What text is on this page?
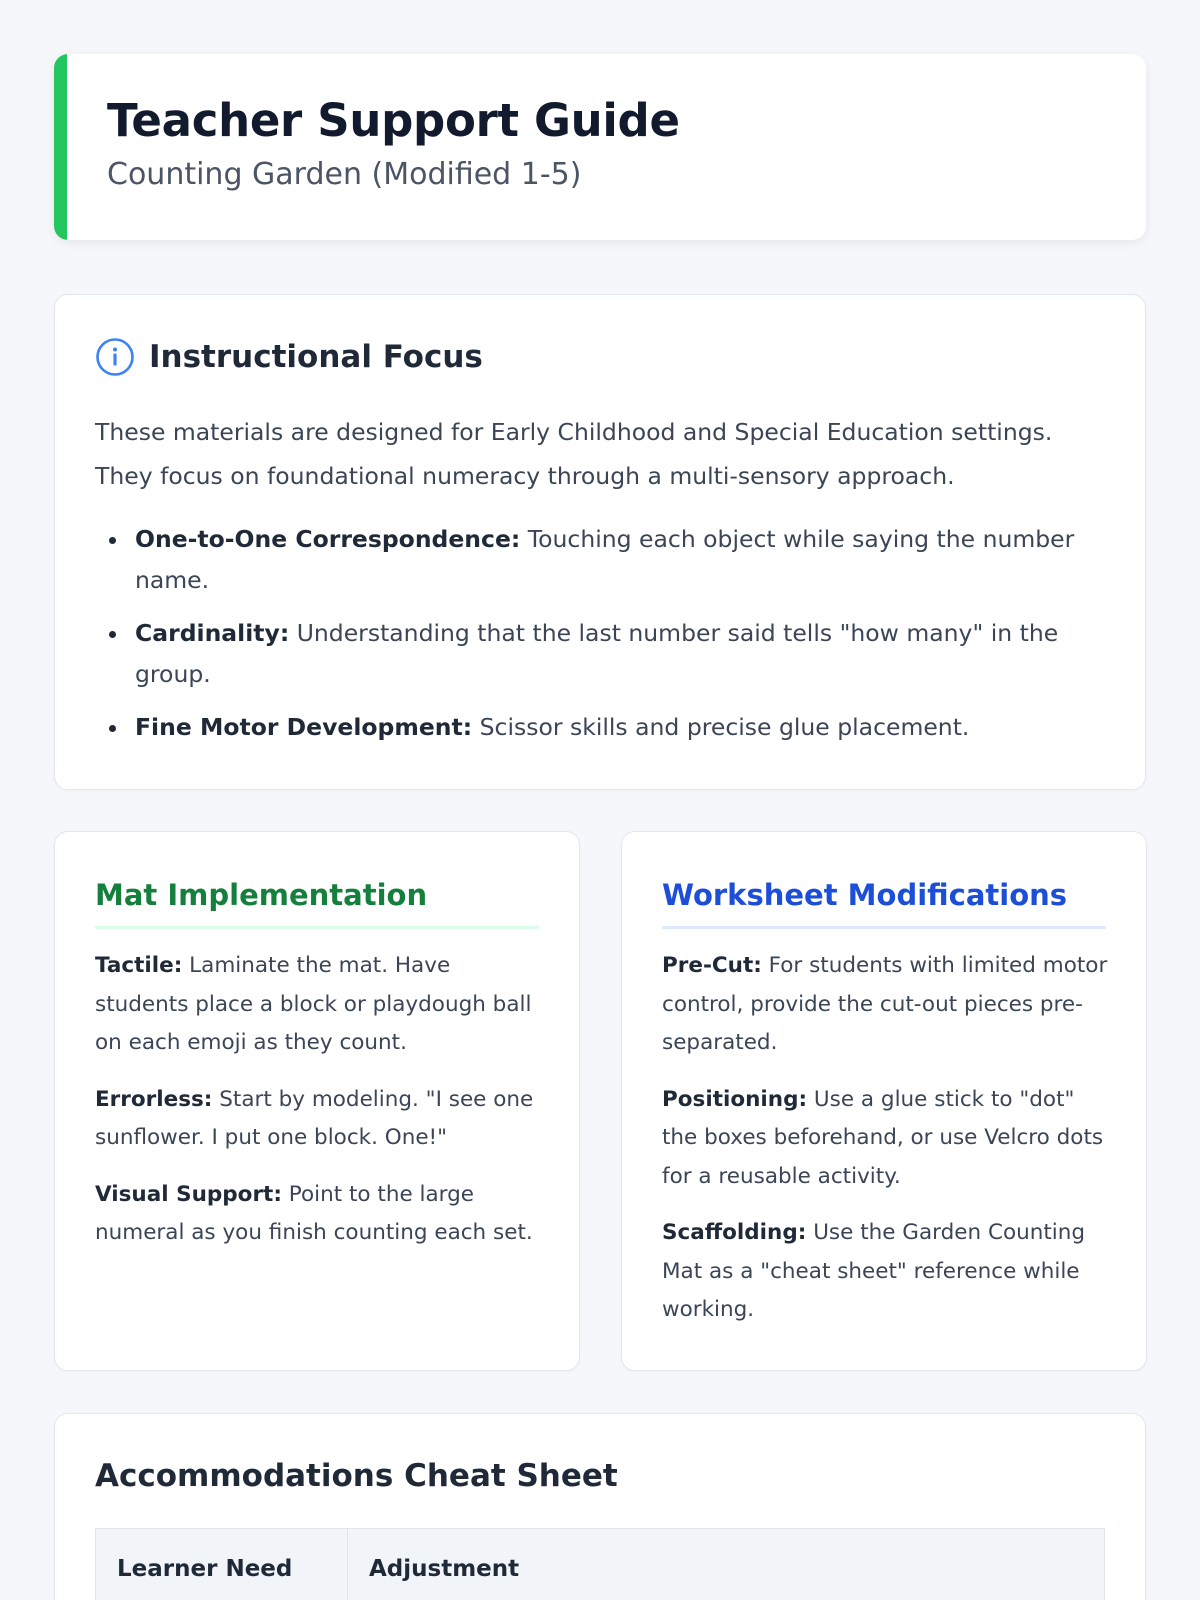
Teacher Support Guide
Counting Garden (Modified 1-5)
Instructional Focus

These materials are designed for Early Childhood and Special Education settings. They focus on foundational numeracy through a multi-sensory approach.

One-to-One Correspondence: Touching each object while saying the number name.
Cardinality: Understanding that the last number said tells "how many" in the group.
Fine Motor Development: Scissor skills and precise glue placement.
Mat Implementation

Tactile: Laminate the mat. Have students place a block or playdough ball on each emoji as they count.

Errorless: Start by modeling. "I see one sunflower. I put one block. One!"

Visual Support: Point to the large numeral as you finish counting each set.

Worksheet Modifications

Pre-Cut: For students with limited motor control, provide the cut-out pieces pre-separated.

Positioning: Use a glue stick to "dot" the boxes beforehand, or use Velcro dots for a reusable activity.

Scaffolding: Use the Garden Counting Mat as a "cheat sheet" reference while working.

Accommodations Cheat Sheet
Learner Need	Adjustment
